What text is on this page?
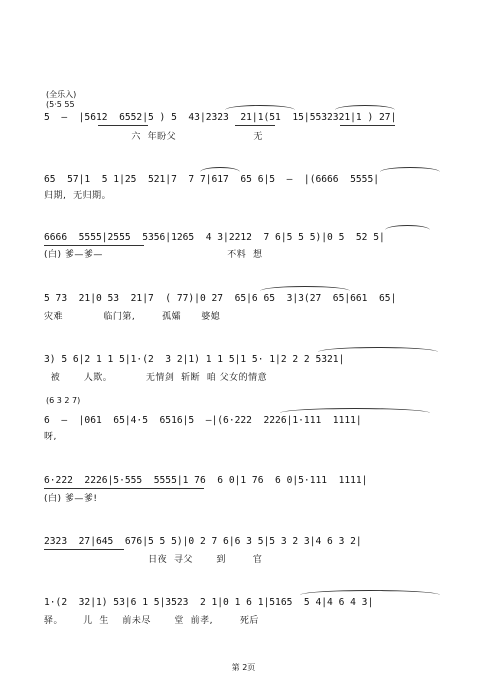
(全乐入)
(5·5 55
5  –  |5612  6552|5 ) 5  43|2323  21|1(51  15|5532321|1 ) 27|
六  年盼父                       无
65  57|1  5 1|25  521|7  7 7|617  65 6|5  –  |(6666  5555|
归期,  无归期。
6666  5555|2555  5356|1265  4 3|2212  7 6|5 5 5)|0 5  52 5|
(白) 爹—爹—                                     不料  想
5 73  21|0 53  21|7  ( 77)|0 27  65|6 65  3|3(27  65|661  65|
灾难            临门第,        孤孀      婆媳
3) 5 6|2 1 1 5|1·(2  3 2|1) 1 1 5|1 5· 1|2 2 2 5321|
被       人欺。          无情剑  斩断  咱 父女的情意
(6 3 2 7)
6  –  |061  65|4·5  6516|5  –|(6·222  2226|1·111  1111|
呀,
6·222  2226|5·555  5555|1 76  6 0|1 76  6 0|5·111  1111|
(白) 爹—爹!
2323  27|645  676|5 5 5)|0 2 7 6|6 3 5|5 3 2 3|4 6 3 2|
日夜  寻父       到        官
1·(2  32|1) 53|6 1 5|3523  2 1|0 1 6 1|5165  5 4|4 6 4 3|
驿。      儿  生    前未尽       堂  前孝,        死后
第 2页
